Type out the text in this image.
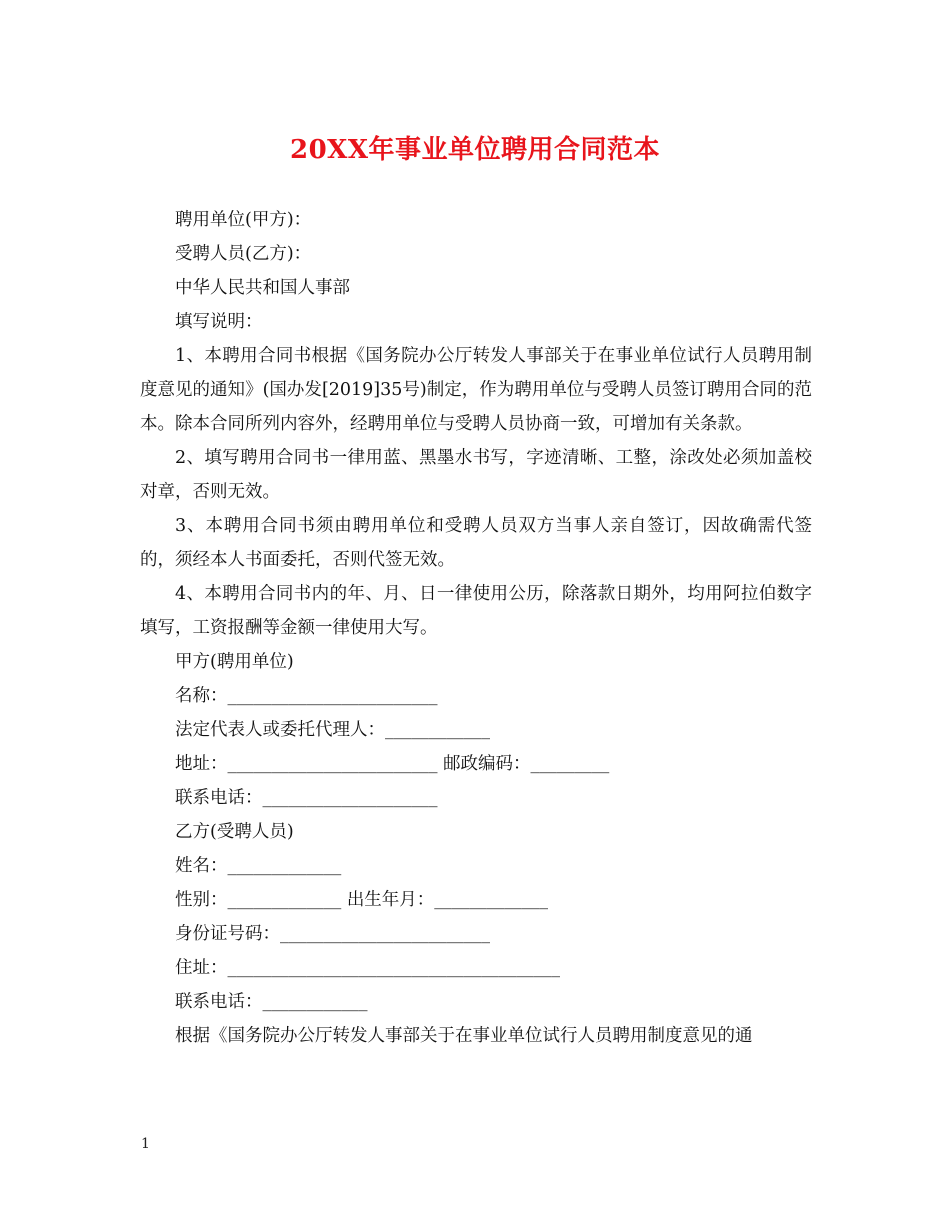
20XX年事业单位聘用合同范本
聘用单位(甲方)：
受聘人员(乙方)：
中华人民共和国人事部
填写说明：
1、本聘用合同书根据《国务院办公厅转发人事部关于在事业单位试行人员聘用制度意见的通知》(国办发[2019]35号)制定，作为聘用单位与受聘人员签订聘用合同的范本。除本合同所列内容外，经聘用单位与受聘人员协商一致，可增加有关条款。
2、填写聘用合同书一律用蓝、黑墨水书写，字迹清晰、工整，涂改处必须加盖校对章，否则无效。
3、本聘用合同书须由聘用单位和受聘人员双方当事人亲自签订，因故确需代签的，须经本人书面委托，否则代签无效。
4、本聘用合同书内的年、月、日一律使用公历，除落款日期外，均用阿拉伯数字填写，工资报酬等金额一律使用大写。
甲方(聘用单位)
名称：________________________
法定代表人或委托代理人：____________
地址：________________________ 邮政编码：_________
联系电话：____________________
乙方(受聘人员)
姓名：_____________
性别：_____________ 出生年月：_____________
身份证号码：________________________
住址：______________________________________
联系电话：____________
根据《国务院办公厅转发人事部关于在事业单位试行人员聘用制度意见的通
1
